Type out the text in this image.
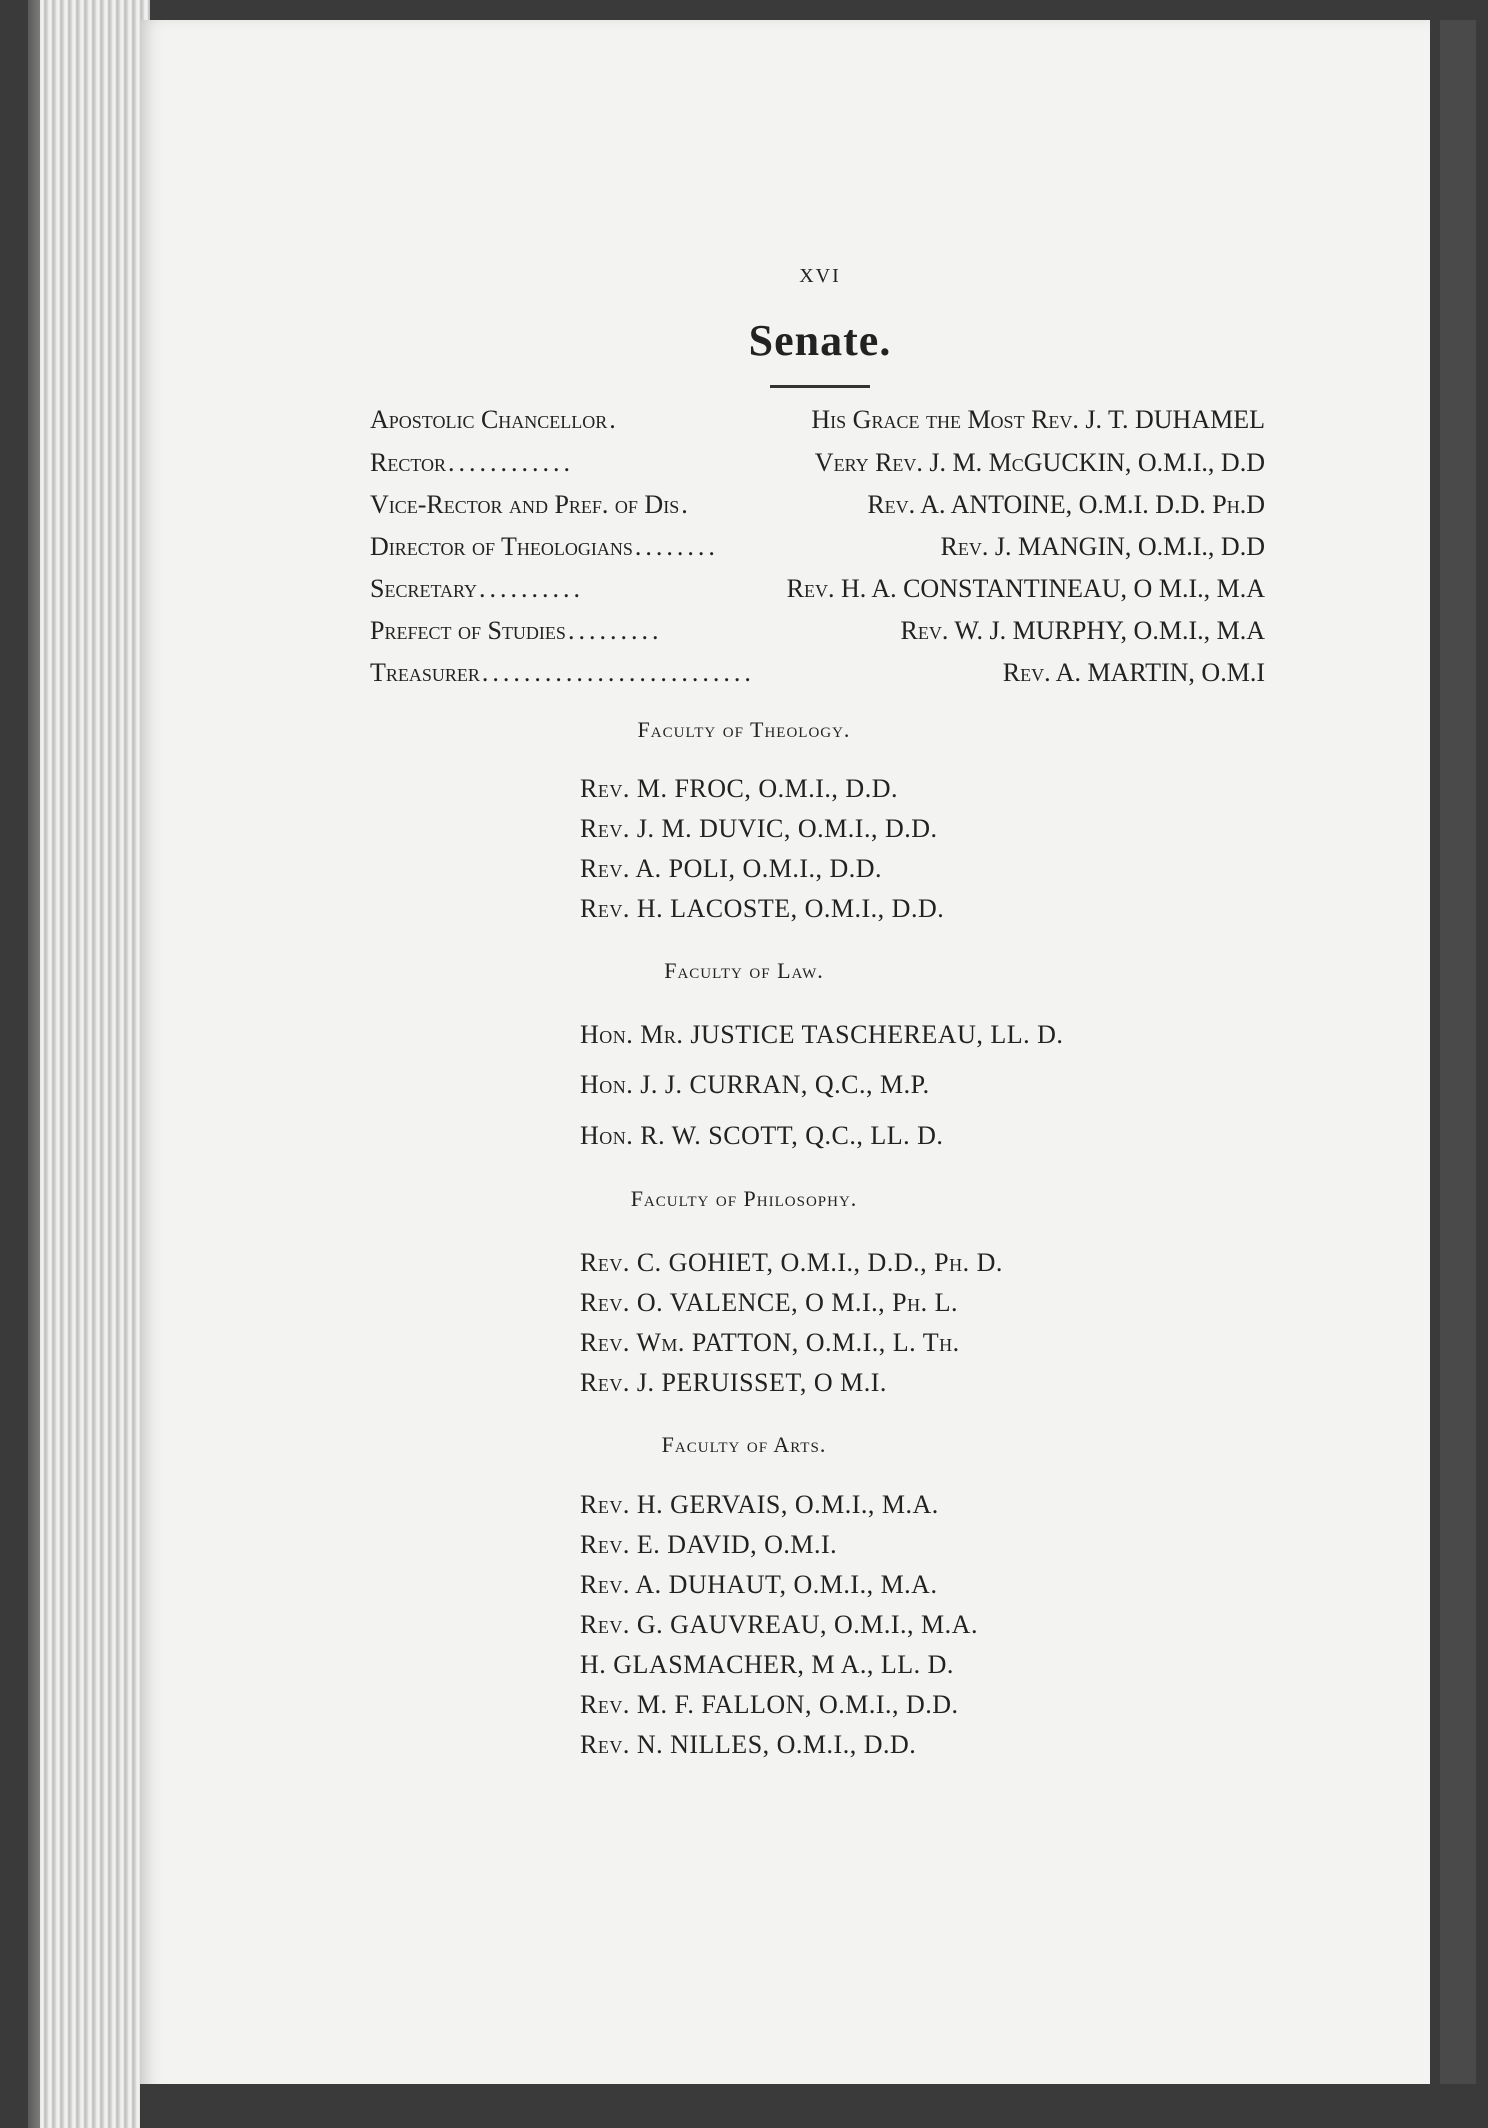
XVI
Senate.
Apostolic Chancellor .	His Grace the Most Rev. J. T. DUHAMEL
Rector ............	Very Rev. J. M. McGUCKIN, O.M.I., D.D
Vice-Rector and Pref. of Dis .	Rev. A. ANTOINE, O.M.I. D.D. Ph.D
Director of Theologians ........	Rev. J. MANGIN, O.M.I., D.D
Secretary ..........	Rev. H. A. CONSTANTINEAU, O M.I., M.A
Prefect of Studies .........	Rev. W. J. MURPHY, O.M.I., M.A
Treasurer ..........................	Rev. A. MARTIN, O.M.I
Faculty of Theology.
Rev. M. FROC, O.M.I., D.D.
Rev. J. M. DUVIC, O.M.I., D.D.
Rev. A. POLI, O.M.I., D.D.
Rev. H. LACOSTE, O.M.I., D.D.
Faculty of Law.
Hon. Mr. JUSTICE TASCHEREAU, LL. D.
Hon. J. J. CURRAN, Q.C., M.P.
Hon. R. W. SCOTT, Q.C., LL. D.
Faculty of Philosophy.
Rev. C. GOHIET, O.M.I., D.D., Ph. D.
Rev. O. VALENCE, O M.I., Ph. L.
Rev. Wm. PATTON, O.M.I., L. Th.
Rev. J. PERUISSET, O M.I.
Faculty of Arts.
Rev. H. GERVAIS, O.M.I., M.A.
Rev. E. DAVID, O.M.I.
Rev. A. DUHAUT, O.M.I., M.A.
Rev. G. GAUVREAU, O.M.I., M.A.
H. GLASMACHER, M A., LL. D.
Rev. M. F. FALLON, O.M.I., D.D.
Rev. N. NILLES, O.M.I., D.D.
